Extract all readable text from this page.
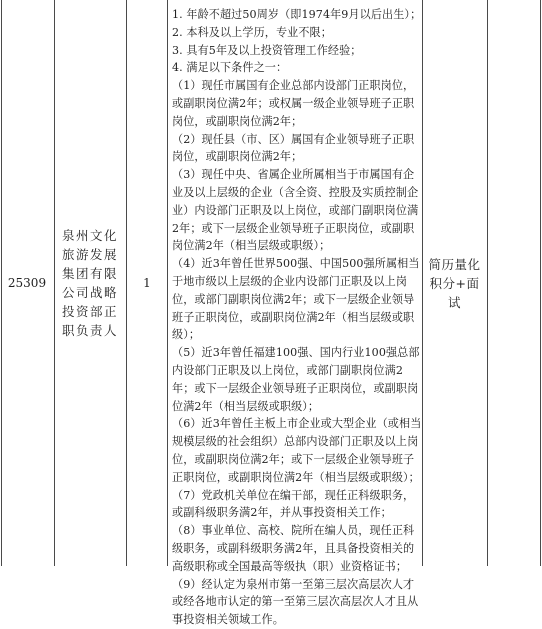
25309
泉州文化旅游发展集团有限公司战略投资部正职负责人
1
1. 年龄不超过50周岁（即1974年9月以后出生）；
2. 本科及以上学历，专业不限；
3. 具有5年及以上投资管理工作经验；
4. 满足以下条件之一：
（1）现任市属国有企业总部内设部门正职岗位，或副职岗位满2年；或权属一级企业领导班子正职岗位，或副职岗位满2年；
（2）现任县（市、区）属国有企业领导班子正职岗位，或副职岗位满2年；
（3）现任中央、省属企业所属相当于市属国有企业及以上层级的企业（含全资、控股及实质控制企业）内设部门正职及以上岗位，或部门副职岗位满2年；或下一层级企业领导班子正职岗位，或副职岗位满2年（相当层级或职级）；
（4）近3年曾任世界500强、中国500强所属相当于地市级以上层级的企业内设部门正职及以上岗位，或部门副职岗位满2年；或下一层级企业领导班子正职岗位，或副职岗位满2年（相当层级或职级）；
（5）近3年曾任福建100强、国内行业100强总部内设部门正职及以上岗位，或部门副职岗位满2年；或下一层级企业领导班子正职岗位，或副职岗位满2年（相当层级或职级）；
（6）近3年曾任主板上市企业或大型企业（或相当规模层级的社会组织）总部内设部门正职及以上岗位，或副职岗位满2年；或下一层级企业领导班子正职岗位，或副职岗位满2年（相当层级或职级）；
（7）党政机关单位在编干部，现任正科级职务，或副科级职务满2年，并从事投资相关工作；
（8）事业单位、高校、院所在编人员，现任正科级职务，或副科级职务满2年，且具备投资相关的高级职称或全国最高等级执（职）业资格证书；
（9）经认定为泉州市第一至第三层次高层次人才或经各地市认定的第一至第三层次高层次人才且从事投资相关领域工作。
简历量化积分+面试
